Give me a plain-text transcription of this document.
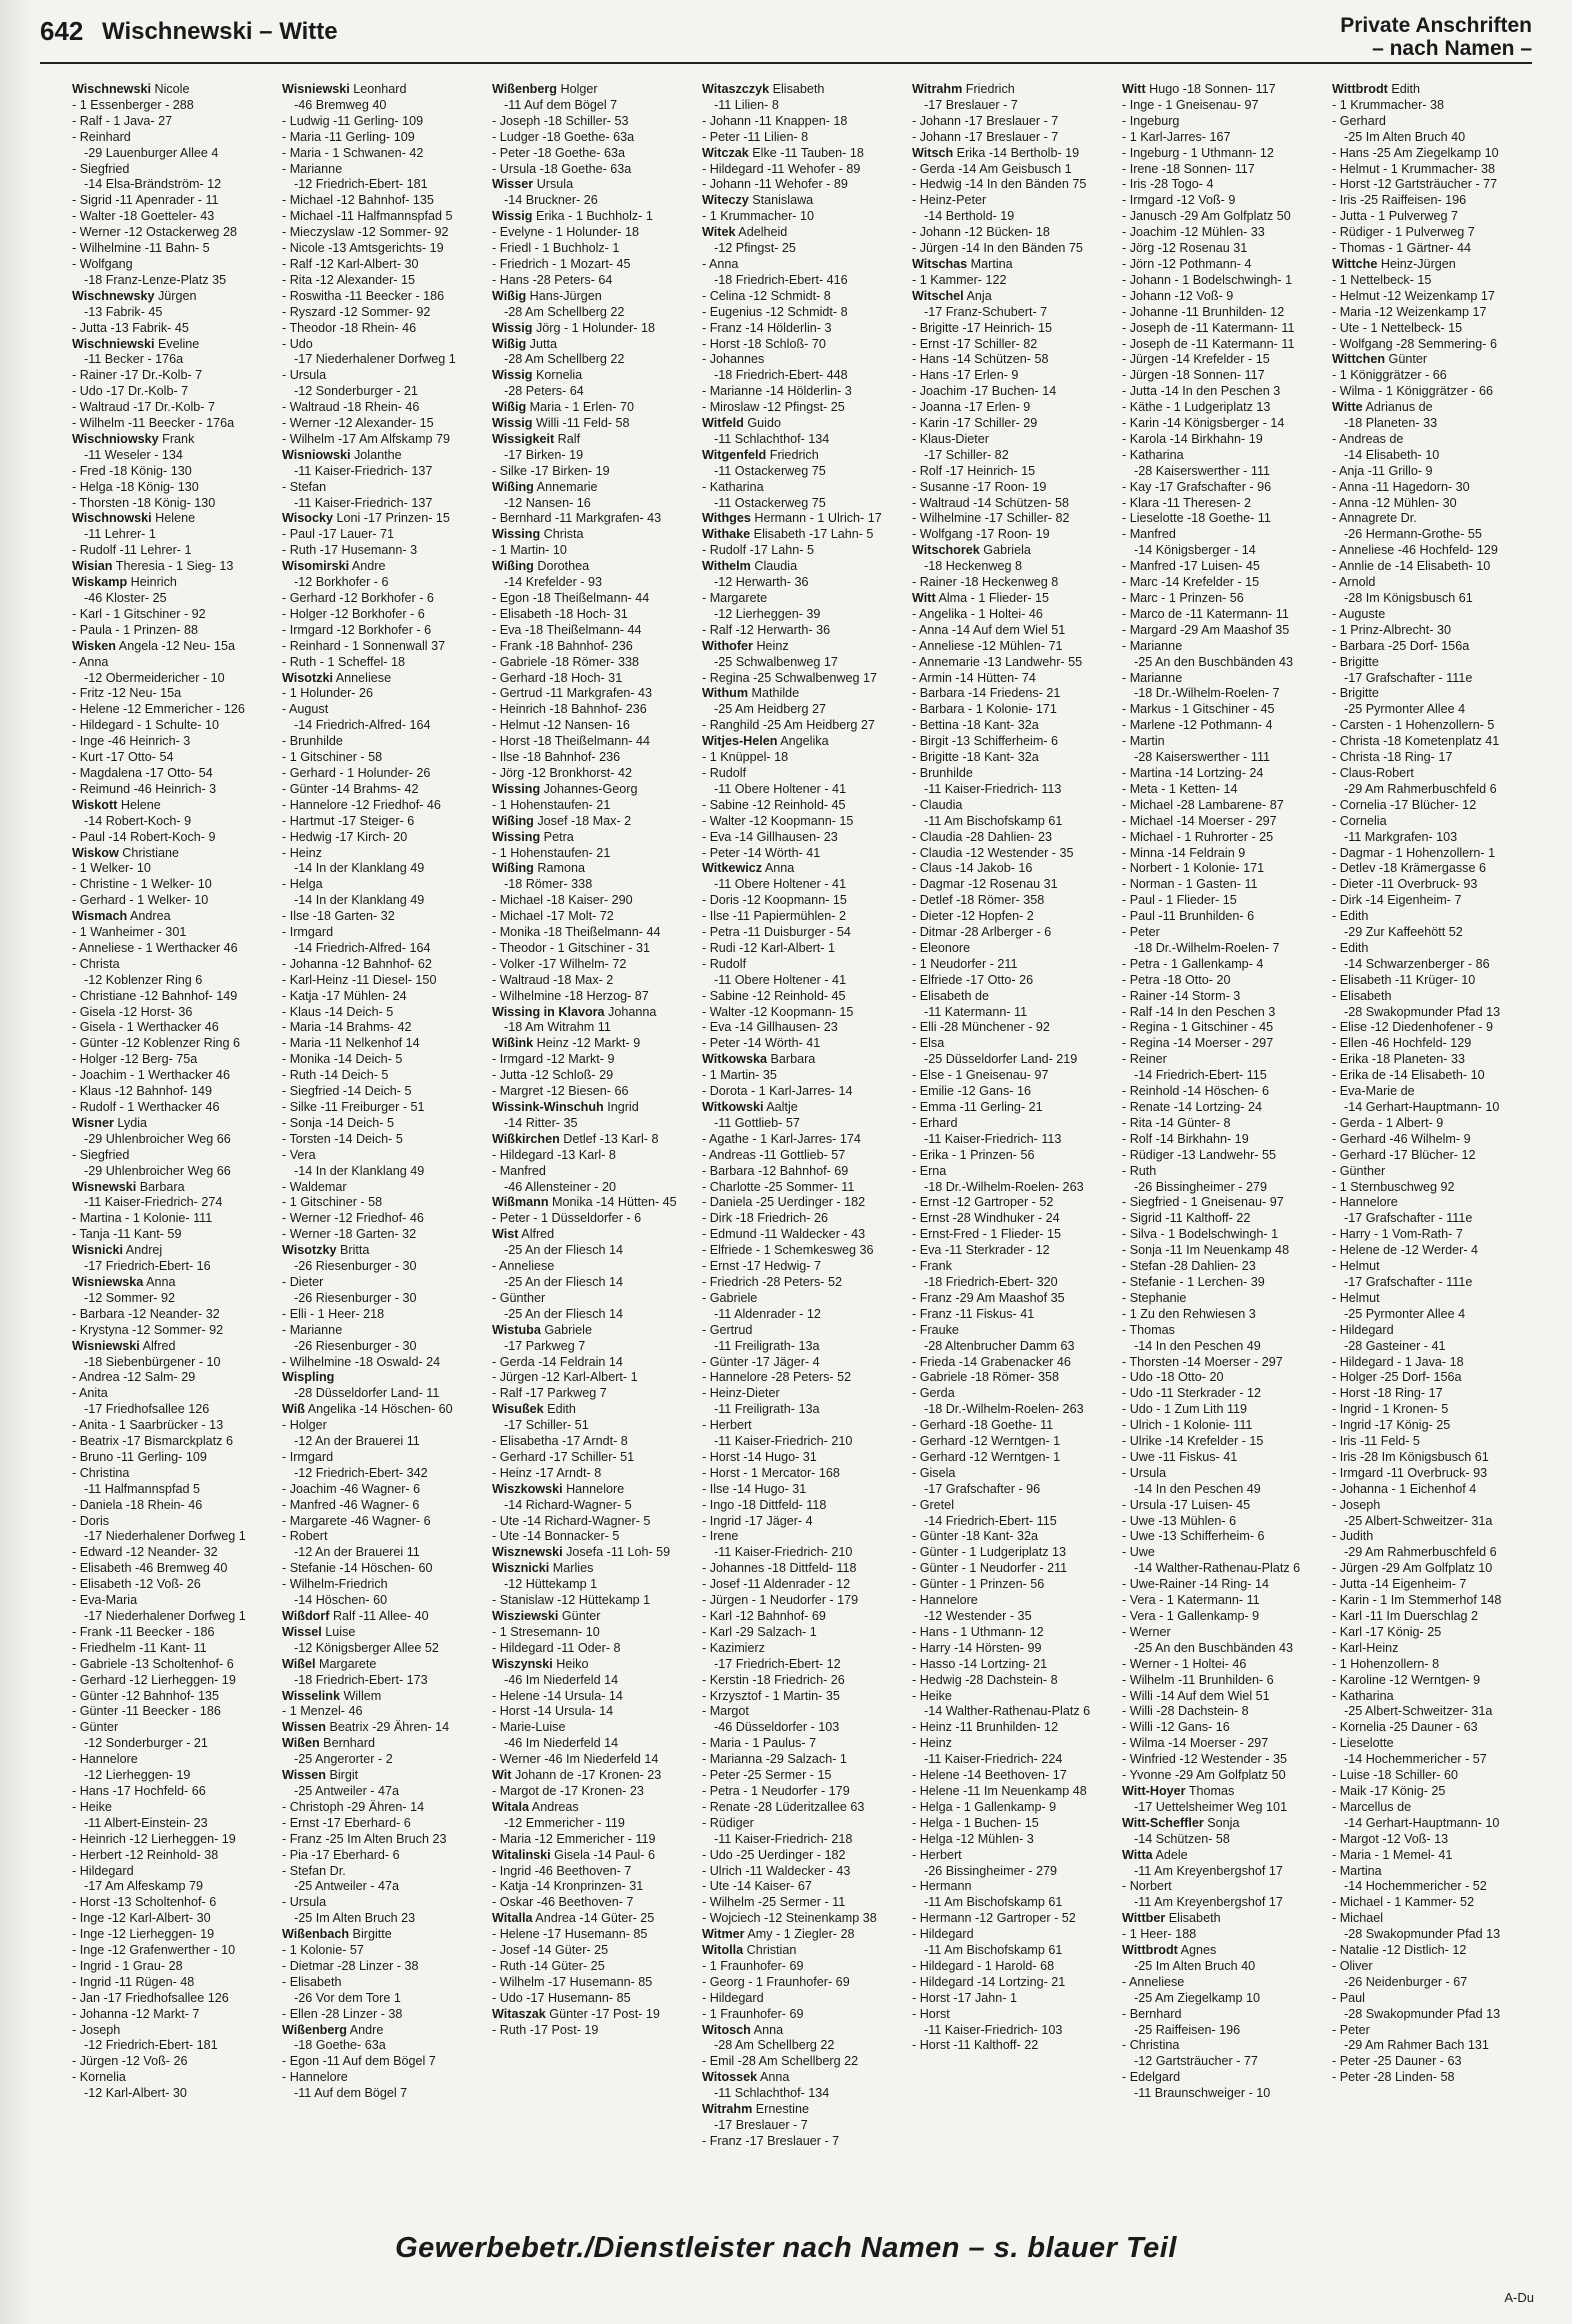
642 Wischnewski – Witte	Private Anschriften
– nach Namen –
Wischnewski Nicole
- 1 Essenberger - 288
- Ralf - 1 Java- 27
- Reinhard
-29 Lauenburger Allee 4
- Siegfried
-14 Elsa-Brändström- 12
- Sigrid -11 Apenrader - 11
- Walter -18 Goetteler- 43
- Werner -12 Ostackerweg 28
- Wilhelmine -11 Bahn- 5
- Wolfgang
-18 Franz-Lenze-Platz 35
Wischnewsky Jürgen
-13 Fabrik- 45
- Jutta -13 Fabrik- 45
Wischniewski Eveline
-11 Becker - 176a
- Rainer -17 Dr.-Kolb- 7
- Udo -17 Dr.-Kolb- 7
- Waltraud -17 Dr.-Kolb- 7
- Wilhelm -11 Beecker - 176a
Wischniowsky Frank
-11 Weseler - 134
- Fred -18 König- 130
- Helga -18 König- 130
- Thorsten -18 König- 130
Wischnowski Helene
-11 Lehrer- 1
- Rudolf -11 Lehrer- 1
Wisian Theresia - 1 Sieg- 13
Wiskamp Heinrich
-46 Kloster- 25
- Karl - 1 Gitschiner - 92
- Paula - 1 Prinzen- 88
Wisken Angela -12 Neu- 15a
- Anna
-12 Obermeidericher - 10
- Fritz -12 Neu- 15a
- Helene -12 Emmericher - 126
- Hildegard - 1 Schulte- 10
- Inge -46 Heinrich- 3
- Kurt -17 Otto- 54
- Magdalena -17 Otto- 54
- Reimund -46 Heinrich- 3
Wiskott Helene
-14 Robert-Koch- 9
- Paul -14 Robert-Koch- 9
Wiskow Christiane
- 1 Welker- 10
- Christine - 1 Welker- 10
- Gerhard - 1 Welker- 10
Wismach Andrea
- 1 Wanheimer - 301
- Anneliese - 1 Werthacker 46
- Christa
-12 Koblenzer Ring 6
- Christiane -12 Bahnhof- 149
- Gisela -12 Horst- 36
- Gisela - 1 Werthacker 46
- Günter -12 Koblenzer Ring 6
- Holger -12 Berg- 75a
- Joachim - 1 Werthacker 46
- Klaus -12 Bahnhof- 149
- Rudolf - 1 Werthacker 46
Wisner Lydia
-29 Uhlenbroicher Weg 66
- Siegfried
-29 Uhlenbroicher Weg 66
Wisnewski Barbara
-11 Kaiser-Friedrich- 274
- Martina - 1 Kolonie- 111
- Tanja -11 Kant- 59
Wisnicki Andrej
-17 Friedrich-Ebert- 16
Wisniewska Anna
-12 Sommer- 92
- Barbara -12 Neander- 32
- Krystyna -12 Sommer- 92
Wisniewski Alfred
-18 Siebenbürgener - 10
- Andrea -12 Salm- 29
- Anita
-17 Friedhofsallee 126
- Anita - 1 Saarbrücker - 13
- Beatrix -17 Bismarckplatz 6
- Bruno -11 Gerling- 109
- Christina
-11 Halfmannspfad 5
- Daniela -18 Rhein- 46
- Doris
-17 Niederhalener Dorfweg 1
- Edward -12 Neander- 32
- Elisabeth -46 Bremweg 40
- Elisabeth -12 Voß- 26
- Eva-Maria
-17 Niederhalener Dorfweg 1
- Frank -11 Beecker - 186
- Friedhelm -11 Kant- 11
- Gabriele -13 Scholtenhof- 6
- Gerhard -12 Lierheggen- 19
- Günter -12 Bahnhof- 135
- Günter -11 Beecker - 186
- Günter
-12 Sonderburger - 21
- Hannelore
-12 Lierheggen- 19
- Hans -17 Hochfeld- 66
- Heike
-11 Albert-Einstein- 23
- Heinrich -12 Lierheggen- 19
- Herbert -12 Reinhold- 38
- Hildegard
-17 Am Alfeskamp 79
- Horst -13 Scholtenhof- 6
- Inge -12 Karl-Albert- 30
- Inge -12 Lierheggen- 19
- Inge -12 Grafenwerther - 10
- Ingrid - 1 Grau- 28
- Ingrid -11 Rügen- 48
- Jan -17 Friedhofsallee 126
- Johanna -12 Markt- 7
- Joseph
-12 Friedrich-Ebert- 181
- Jürgen -12 Voß- 26
- Kornelia
-12 Karl-Albert- 30
Wisniewski Leonhard
-46 Bremweg 40
- Ludwig -11 Gerling- 109
- Maria -11 Gerling- 109
- Maria - 1 Schwanen- 42
- Marianne
-12 Friedrich-Ebert- 181
- Michael -12 Bahnhof- 135
- Michael -11 Halfmannspfad 5
- Mieczyslaw -12 Sommer- 92
- Nicole -13 Amtsgerichts- 19
- Ralf -12 Karl-Albert- 30
- Rita -12 Alexander- 15
- Roswitha -11 Beecker - 186
- Ryszard -12 Sommer- 92
- Theodor -18 Rhein- 46
- Udo
-17 Niederhalener Dorfweg 1
- Ursula
-12 Sonderburger - 21
- Waltraud -18 Rhein- 46
- Werner -12 Alexander- 15
- Wilhelm -17 Am Alfskamp 79
Wisniowski Jolanthe
-11 Kaiser-Friedrich- 137
- Stefan
-11 Kaiser-Friedrich- 137
Wisocky Loni -17 Prinzen- 15
- Paul -17 Lauer- 71
- Ruth -17 Husemann- 3
Wisomirski Andre
-12 Borkhofer - 6
- Gerhard -12 Borkhofer - 6
- Holger -12 Borkhofer - 6
- Irmgard -12 Borkhofer - 6
- Reinhard - 1 Sonnenwall 37
- Ruth - 1 Scheffel- 18
Wisotzki Anneliese
- 1 Holunder- 26
- August
-14 Friedrich-Alfred- 164
- Brunhilde
- 1 Gitschiner - 58
- Gerhard - 1 Holunder- 26
- Günter -14 Brahms- 42
- Hannelore -12 Friedhof- 46
- Hartmut -17 Steiger- 6
- Hedwig -17 Kirch- 20
- Heinz
-14 In der Klanklang 49
- Helga
-14 In der Klanklang 49
- Ilse -18 Garten- 32
- Irmgard
-14 Friedrich-Alfred- 164
- Johanna -12 Bahnhof- 62
- Karl-Heinz -11 Diesel- 150
- Katja -17 Mühlen- 24
- Klaus -14 Deich- 5
- Maria -14 Brahms- 42
- Maria -11 Nelkenhof 14
- Monika -14 Deich- 5
- Ruth -14 Deich- 5
- Siegfried -14 Deich- 5
- Silke -11 Freiburger - 51
- Sonja -14 Deich- 5
- Torsten -14 Deich- 5
- Vera
-14 In der Klanklang 49
- Waldemar
- 1 Gitschiner - 58
- Werner -12 Friedhof- 46
- Werner -18 Garten- 32
Wisotzky Britta
-26 Riesenburger - 30
- Dieter
-26 Riesenburger - 30
- Elli - 1 Heer- 218
- Marianne
-26 Riesenburger - 30
- Wilhelmine -18 Oswald- 24
Wispling
-28 Düsseldorfer Land- 11
Wiß Angelika -14 Höschen- 60
- Holger
-12 An der Brauerei 11
- Irmgard
-12 Friedrich-Ebert- 342
- Joachim -46 Wagner- 6
- Manfred -46 Wagner- 6
- Margarete -46 Wagner- 6
- Robert
-12 An der Brauerei 11
- Stefanie -14 Höschen- 60
- Wilhelm-Friedrich
-14 Höschen- 60
Wißdorf Ralf -11 Allee- 40
Wissel Luise
-12 Königsberger Allee 52
Wißel Margarete
-18 Friedrich-Ebert- 173
Wisselink Willem
- 1 Menzel- 46
Wissen Beatrix -29 Ähren- 14
Wißen Bernhard
-25 Angerorter - 2
Wissen Birgit
-25 Antweiler - 47a
- Christoph -29 Ähren- 14
- Ernst -17 Eberhard- 6
- Franz -25 Im Alten Bruch 23
- Pia -17 Eberhard- 6
- Stefan Dr.
-25 Antweiler - 47a
- Ursula
-25 Im Alten Bruch 23
Wißenbach Birgitte
- 1 Kolonie- 57
- Dietmar -28 Linzer - 38
- Elisabeth
-26 Vor dem Tore 1
- Ellen -28 Linzer - 38
Wißenberg Andre
-18 Goethe- 63a
- Egon -11 Auf dem Bögel 7
- Hannelore
-11 Auf dem Bögel 7
Wißenberg Holger
-11 Auf dem Bögel 7
- Joseph -18 Schiller- 53
- Ludger -18 Goethe- 63a
- Peter -18 Goethe- 63a
- Ursula -18 Goethe- 63a
Wisser Ursula
-14 Bruckner- 26
Wissig Erika - 1 Buchholz- 1
- Evelyne - 1 Holunder- 18
- Friedl - 1 Buchholz- 1
- Friedrich - 1 Mozart- 45
- Hans -28 Peters- 64
Wißig Hans-Jürgen
-28 Am Schellberg 22
Wissig Jörg - 1 Holunder- 18
Wißig Jutta
-28 Am Schellberg 22
Wissig Kornelia
-28 Peters- 64
Wißig Maria - 1 Erlen- 70
Wissig Willi -11 Feld- 58
Wissigkeit Ralf
-17 Birken- 19
- Silke -17 Birken- 19
Wißing Annemarie
-12 Nansen- 16
- Bernhard -11 Markgrafen- 43
Wissing Christa
- 1 Martin- 10
Wißing Dorothea
-14 Krefelder - 93
- Egon -18 Theißelmann- 44
- Elisabeth -18 Hoch- 31
- Eva -18 Theißelmann- 44
- Frank -18 Bahnhof- 236
- Gabriele -18 Römer- 338
- Gerhard -18 Hoch- 31
- Gertrud -11 Markgrafen- 43
- Heinrich -18 Bahnhof- 236
- Helmut -12 Nansen- 16
- Horst -18 Theißelmann- 44
- Ilse -18 Bahnhof- 236
- Jörg -12 Bronkhorst- 42
Wissing Johannes-Georg
- 1 Hohenstaufen- 21
Wißing Josef -18 Max- 2
Wissing Petra
- 1 Hohenstaufen- 21
Wißing Ramona
-18 Römer- 338
- Michael -18 Kaiser- 290
- Michael -17 Molt- 72
- Monika -18 Theißelmann- 44
- Theodor - 1 Gitschiner - 31
- Volker -17 Wilhelm- 72
- Waltraud -18 Max- 2
- Wilhelmine -18 Herzog- 87
Wissing in Klavora Johanna
-18 Am Witrahm 11
Wißink Heinz -12 Markt- 9
- Irmgard -12 Markt- 9
- Jutta -12 Schloß- 29
- Margret -12 Biesen- 66
Wissink-Winschuh Ingrid
-14 Ritter- 35
Wißkirchen Detlef -13 Karl- 8
- Hildegard -13 Karl- 8
- Manfred
-46 Allensteiner - 20
Wißmann Monika -14 Hütten- 45
- Peter - 1 Düsseldorfer - 6
Wist Alfred
-25 An der Fliesch 14
- Anneliese
-25 An der Fliesch 14
- Günther
-25 An der Fliesch 14
Wistuba Gabriele
-17 Parkweg 7
- Gerda -14 Feldrain 14
- Jürgen -12 Karl-Albert- 1
- Ralf -17 Parkweg 7
Wisußek Edith
-17 Schiller- 51
- Elisabetha -17 Arndt- 8
- Gerhard -17 Schiller- 51
- Heinz -17 Arndt- 8
Wiszkowski Hannelore
-14 Richard-Wagner- 5
- Ute -14 Richard-Wagner- 5
- Ute -14 Bonnacker- 5
Wisznewski Josefa -11 Loh- 59
Wisznicki Marlies
-12 Hüttekamp 1
- Stanislaw -12 Hüttekamp 1
Wisziewski Günter
- 1 Stresemann- 10
- Hildegard -11 Oder- 8
Wiszynski Heiko
-46 Im Niederfeld 14
- Helene -14 Ursula- 14
- Horst -14 Ursula- 14
- Marie-Luise
-46 Im Niederfeld 14
- Werner -46 Im Niederfeld 14
Wit Johann de -17 Kronen- 23
- Margot de -17 Kronen- 23
Witala Andreas
-12 Emmericher - 119
- Maria -12 Emmericher - 119
Witalinski Gisela -14 Paul- 6
- Ingrid -46 Beethoven- 7
- Katja -14 Kronprinzen- 31
- Oskar -46 Beethoven- 7
Witalla Andrea -14 Güter- 25
- Helene -17 Husemann- 85
- Josef -14 Güter- 25
- Ruth -14 Güter- 25
- Wilhelm -17 Husemann- 85
- Udo -17 Husemann- 85
Witaszak Günter -17 Post- 19
- Ruth -17 Post- 19
Witaszczyk Elisabeth
-11 Lilien- 8
- Johann -11 Knappen- 18
- Peter -11 Lilien- 8
Witczak Elke -11 Tauben- 18
- Hildegard -11 Wehofer - 89
- Johann -11 Wehofer - 89
Witeczy Stanislawa
- 1 Krummacher- 10
Witek Adelheid
-12 Pfingst- 25
- Anna
-18 Friedrich-Ebert- 416
- Celina -12 Schmidt- 8
- Eugenius -12 Schmidt- 8
- Franz -14 Hölderlin- 3
- Horst -18 Schloß- 70
- Johannes
-18 Friedrich-Ebert- 448
- Marianne -14 Hölderlin- 3
- Miroslaw -12 Pfingst- 25
Witfeld Guido
-11 Schlachthof- 134
Witgenfeld Friedrich
-11 Ostackerweg 75
- Katharina
-11 Ostackerweg 75
Withges Hermann - 1 Ulrich- 17
Withake Elisabeth -17 Lahn- 5
- Rudolf -17 Lahn- 5
Withelm Claudia
-12 Herwarth- 36
- Margarete
-12 Lierheggen- 39
- Ralf -12 Herwarth- 36
Withofer Heinz
-25 Schwalbenweg 17
- Regina -25 Schwalbenweg 17
Withum Mathilde
-25 Am Heidberg 27
- Ranghild -25 Am Heidberg 27
Witjes-Helen Angelika
- 1 Knüppel- 18
- Rudolf
-11 Obere Holtener - 41
- Sabine -12 Reinhold- 45
- Walter -12 Koopmann- 15
- Eva -14 Gillhausen- 23
- Peter -14 Wörth- 41
Witkewicz Anna
-11 Obere Holtener - 41
- Doris -12 Koopmann- 15
- Ilse -11 Papiermühlen- 2
- Petra -11 Duisburger - 54
- Rudi -12 Karl-Albert- 1
- Rudolf
-11 Obere Holtener - 41
- Sabine -12 Reinhold- 45
- Walter -12 Koopmann- 15
- Eva -14 Gillhausen- 23
- Peter -14 Wörth- 41
Witkowska Barbara
- 1 Martin- 35
- Dorota - 1 Karl-Jarres- 14
Witkowski Aaltje
-11 Gottlieb- 57
- Agathe - 1 Karl-Jarres- 174
- Andreas -11 Gottlieb- 57
- Barbara -12 Bahnhof- 69
- Charlotte -25 Sommer- 11
- Daniela -25 Uerdinger - 182
- Dirk -18 Friedrich- 26
- Edmund -11 Waldecker - 43
- Elfriede - 1 Schemkesweg 36
- Ernst -17 Hedwig- 7
- Friedrich -28 Peters- 52
- Gabriele
-11 Aldenrader - 12
- Gertrud
-11 Freiligrath- 13a
- Günter -17 Jäger- 4
- Hannelore -28 Peters- 52
- Heinz-Dieter
-11 Freiligrath- 13a
- Herbert
-11 Kaiser-Friedrich- 210
- Horst -14 Hugo- 31
- Horst - 1 Mercator- 168
- Ilse -14 Hugo- 31
- Ingo -18 Dittfeld- 118
- Ingrid -17 Jäger- 4
- Irene
-11 Kaiser-Friedrich- 210
- Johannes -18 Dittfeld- 118
- Josef -11 Aldenrader - 12
- Jürgen - 1 Neudorfer - 179
- Karl -12 Bahnhof- 69
- Karl -29 Salzach- 1
- Kazimierz
-17 Friedrich-Ebert- 12
- Kerstin -18 Friedrich- 26
- Krzysztof - 1 Martin- 35
- Margot
-46 Düsseldorfer - 103
- Maria - 1 Paulus- 7
- Marianna -29 Salzach- 1
- Peter -25 Sermer - 15
- Petra - 1 Neudorfer - 179
- Renate -28 Lüderitzallee 63
- Rüdiger
-11 Kaiser-Friedrich- 218
- Udo -25 Uerdinger - 182
- Ulrich -11 Waldecker - 43
- Ute -14 Kaiser- 67
- Wilhelm -25 Sermer - 11
- Wojciech -12 Steinenkamp 38
Witmer Amy - 1 Ziegler- 28
Witolla Christian
- 1 Fraunhofer- 69
- Georg - 1 Fraunhofer- 69
- Hildegard
- 1 Fraunhofer- 69
Witosch Anna
-28 Am Schellberg 22
- Emil -28 Am Schellberg 22
Witossek Anna
-11 Schlachthof- 134
Witrahm Ernestine
-17 Breslauer - 7
- Franz -17 Breslauer - 7
Witrahm Friedrich
-17 Breslauer - 7
- Johann -17 Breslauer - 7
- Johann -17 Breslauer - 7
Witsch Erika -14 Bertholb- 19
- Gerda -14 Am Geisbusch 1
- Hedwig -14 In den Bänden 75
- Heinz-Peter
-14 Berthold- 19
- Johann -12 Bücken- 18
- Jürgen -14 In den Bänden 75
Witschas Martina
- 1 Kammer- 122
Witschel Anja
-17 Franz-Schubert- 7
- Brigitte -17 Heinrich- 15
- Ernst -17 Schiller- 82
- Hans -14 Schützen- 58
- Hans -17 Erlen- 9
- Joachim -17 Buchen- 14
- Joanna -17 Erlen- 9
- Karin -17 Schiller- 29
- Klaus-Dieter
-17 Schiller- 82
- Rolf -17 Heinrich- 15
- Susanne -17 Roon- 19
- Waltraud -14 Schützen- 58
- Wilhelmine -17 Schiller- 82
- Wolfgang -17 Roon- 19
Witschorek Gabriela
-18 Heckenweg 8
- Rainer -18 Heckenweg 8
Witt Alma - 1 Flieder- 15
- Angelika - 1 Holtei- 46
- Anna -14 Auf dem Wiel 51
- Anneliese -12 Mühlen- 71
- Annemarie -13 Landwehr- 55
- Armin -14 Hütten- 74
- Barbara -14 Friedens- 21
- Barbara - 1 Kolonie- 171
- Bettina -18 Kant- 32a
- Birgit -13 Schifferheim- 6
- Brigitte -18 Kant- 32a
- Brunhilde
-11 Kaiser-Friedrich- 113
- Claudia
-11 Am Bischofskamp 61
- Claudia -28 Dahlien- 23
- Claudia -12 Westender - 35
- Claus -14 Jakob- 16
- Dagmar -12 Rosenau 31
- Detlef -18 Römer- 358
- Dieter -12 Hopfen- 2
- Ditmar -28 Arlberger - 6
- Eleonore
- 1 Neudorfer - 211
- Elfriede -17 Otto- 26
- Elisabeth de
-11 Katermann- 11
- Elli -28 Münchener - 92
- Elsa
-25 Düsseldorfer Land- 219
- Else - 1 Gneisenau- 97
- Emilie -12 Gans- 16
- Emma -11 Gerling- 21
- Erhard
-11 Kaiser-Friedrich- 113
- Erika - 1 Prinzen- 56
- Erna
-18 Dr.-Wilhelm-Roelen- 263
- Ernst -12 Gartroper - 52
- Ernst -28 Windhuker - 24
- Ernst-Fred - 1 Flieder- 15
- Eva -11 Sterkrader - 12
- Frank
-18 Friedrich-Ebert- 320
- Franz -29 Am Maashof 35
- Franz -11 Fiskus- 41
- Frauke
-28 Altenbrucher Damm 63
- Frieda -14 Grabenacker 46
- Gabriele -18 Römer- 358
- Gerda
-18 Dr.-Wilhelm-Roelen- 263
- Gerhard -18 Goethe- 11
- Gerhard -12 Werntgen- 1
- Gerhard -12 Werntgen- 1
- Gisela
-17 Grafschafter - 96
- Gretel
-14 Friedrich-Ebert- 115
- Günter -18 Kant- 32a
- Günter - 1 Ludgeriplatz 13
- Günter - 1 Neudorfer - 211
- Günter - 1 Prinzen- 56
- Hannelore
-12 Westender - 35
- Hans - 1 Uthmann- 12
- Harry -14 Hörsten- 99
- Hasso -14 Lortzing- 21
- Hedwig -28 Dachstein- 8
- Heike
-14 Walther-Rathenau-Platz 6
- Heinz -11 Brunhilden- 12
- Heinz
-11 Kaiser-Friedrich- 224
- Helene -14 Beethoven- 17
- Helene -11 Im Neuenkamp 48
- Helga - 1 Gallenkamp- 9
- Helga - 1 Buchen- 15
- Helga -12 Mühlen- 3
- Herbert
-26 Bissingheimer - 279
- Hermann
-11 Am Bischofskamp 61
- Hermann -12 Gartroper - 52
- Hildegard
-11 Am Bischofskamp 61
- Hildegard - 1 Harold- 68
- Hildegard -14 Lortzing- 21
- Horst -17 Jahn- 1
- Horst
-11 Kaiser-Friedrich- 103
- Horst -11 Kalthoff- 22
Witt Hugo -18 Sonnen- 117
- Inge - 1 Gneisenau- 97
- Ingeburg
- 1 Karl-Jarres- 167
- Ingeburg - 1 Uthmann- 12
- Irene -18 Sonnen- 117
- Iris -28 Togo- 4
- Irmgard -12 Voß- 9
- Janusch -29 Am Golfplatz 50
- Joachim -12 Mühlen- 33
- Jörg -12 Rosenau 31
- Jörn -12 Pothmann- 4
- Johann - 1 Bodelschwingh- 1
- Johann -12 Voß- 9
- Johanne -11 Brunhilden- 12
- Joseph de -11 Katermann- 11
- Joseph de -11 Katermann- 11
- Jürgen -14 Krefelder - 15
- Jürgen -18 Sonnen- 117
- Jutta -14 In den Peschen 3
- Käthe - 1 Ludgeriplatz 13
- Karin -14 Königsberger - 14
- Karola -14 Birkhahn- 19
- Katharina
-28 Kaiserswerther - 111
- Kay -17 Grafschafter - 96
- Klara -11 Theresen- 2
- Lieselotte -18 Goethe- 11
- Manfred
-14 Königsberger - 14
- Manfred -17 Luisen- 45
- Marc -14 Krefelder - 15
- Marc - 1 Prinzen- 56
- Marco de -11 Katermann- 11
- Margard -29 Am Maashof 35
- Marianne
-25 An den Buschbänden 43
- Marianne
-18 Dr.-Wilhelm-Roelen- 7
- Markus - 1 Gitschiner - 45
- Marlene -12 Pothmann- 4
- Martin
-28 Kaiserswerther - 111
- Martina -14 Lortzing- 24
- Meta - 1 Ketten- 14
- Michael -28 Lambarene- 87
- Michael -14 Moerser - 297
- Michael - 1 Ruhrorter - 25
- Minna -14 Feldrain 9
- Norbert - 1 Kolonie- 171
- Norman - 1 Gasten- 11
- Paul - 1 Flieder- 15
- Paul -11 Brunhilden- 6
- Peter
-18 Dr.-Wilhelm-Roelen- 7
- Petra - 1 Gallenkamp- 4
- Petra -18 Otto- 20
- Rainer -14 Storm- 3
- Ralf -14 In den Peschen 3
- Regina - 1 Gitschiner - 45
- Regina -14 Moerser - 297
- Reiner
-14 Friedrich-Ebert- 115
- Reinhold -14 Höschen- 6
- Renate -14 Lortzing- 24
- Rita -14 Günter- 8
- Rolf -14 Birkhahn- 19
- Rüdiger -13 Landwehr- 55
- Ruth
-26 Bissingheimer - 279
- Siegfried - 1 Gneisenau- 97
- Sigrid -11 Kalthoff- 22
- Silva - 1 Bodelschwingh- 1
- Sonja -11 Im Neuenkamp 48
- Stefan -28 Dahlien- 23
- Stefanie - 1 Lerchen- 39
- Stephanie
- 1 Zu den Rehwiesen 3
- Thomas
-14 In den Peschen 49
- Thorsten -14 Moerser - 297
- Udo -18 Otto- 20
- Udo -11 Sterkrader - 12
- Udo - 1 Zum Lith 119
- Ulrich - 1 Kolonie- 111
- Ulrike -14 Krefelder - 15
- Uwe -11 Fiskus- 41
- Ursula
-14 In den Peschen 49
- Ursula -17 Luisen- 45
- Uwe -13 Mühlen- 6
- Uwe -13 Schifferheim- 6
- Uwe
-14 Walther-Rathenau-Platz 6
- Uwe-Rainer -14 Ring- 14
- Vera - 1 Katermann- 11
- Vera - 1 Gallenkamp- 9
- Werner
-25 An den Buschbänden 43
- Werner - 1 Holtei- 46
- Wilhelm -11 Brunhilden- 6
- Willi -14 Auf dem Wiel 51
- Willi -28 Dachstein- 8
- Willi -12 Gans- 16
- Wilma -14 Moerser - 297
- Winfried -12 Westender - 35
- Yvonne -29 Am Golfplatz 50
Witt-Hoyer Thomas
-17 Uettelsheimer Weg 101
Witt-Scheffler Sonja
-14 Schützen- 58
Witta Adele
-11 Am Kreyenbergshof 17
- Norbert
-11 Am Kreyenbergshof 17
Wittber Elisabeth
- 1 Heer- 188
Wittbrodt Agnes
-25 Im Alten Bruch 40
- Anneliese
-25 Am Ziegelkamp 10
- Bernhard
-25 Raiffeisen- 196
- Christina
-12 Gartsträucher - 77
- Edelgard
-11 Braunschweiger - 10
Wittbrodt Edith
- 1 Krummacher- 38
- Gerhard
-25 Im Alten Bruch 40
- Hans -25 Am Ziegelkamp 10
- Helmut - 1 Krummacher- 38
- Horst -12 Gartsträucher - 77
- Iris -25 Raiffeisen- 196
- Jutta - 1 Pulverweg 7
- Rüdiger - 1 Pulverweg 7
- Thomas - 1 Gärtner- 44
Wittche Heinz-Jürgen
- 1 Nettelbeck- 15
- Helmut -12 Weizenkamp 17
- Maria -12 Weizenkamp 17
- Ute - 1 Nettelbeck- 15
- Wolfgang -28 Semmering- 6
Wittchen Günter
- 1 Königgrätzer - 66
- Wilma - 1 Königgrätzer - 66
Witte Adrianus de
-18 Planeten- 33
- Andreas de
-14 Elisabeth- 10
- Anja -11 Grillo- 9
- Anna -11 Hagedorn- 30
- Anna -12 Mühlen- 30
- Annagrete Dr.
-26 Hermann-Grothe- 55
- Anneliese -46 Hochfeld- 129
- Annlie de -14 Elisabeth- 10
- Arnold
-28 Im Königsbusch 61
- Auguste
- 1 Prinz-Albrecht- 30
- Barbara -25 Dorf- 156a
- Brigitte
-17 Grafschafter - 111e
- Brigitte
-25 Pyrmonter Allee 4
- Carsten - 1 Hohenzollern- 5
- Christa -18 Kometenplatz 41
- Christa -18 Ring- 17
- Claus-Robert
-29 Am Rahmerbuschfeld 6
- Cornelia -17 Blücher- 12
- Cornelia
-11 Markgrafen- 103
- Dagmar - 1 Hohenzollern- 1
- Detlev -18 Krämergasse 6
- Dieter -11 Overbruck- 93
- Dirk -14 Eigenheim- 7
- Edith
-29 Zur Kaffeehött 52
- Edith
-14 Schwarzenberger - 86
- Elisabeth -11 Krüger- 10
- Elisabeth
-28 Swakopmunder Pfad 13
- Elise -12 Diedenhofener - 9
- Ellen -46 Hochfeld- 129
- Erika -18 Planeten- 33
- Erika de -14 Elisabeth- 10
- Eva-Marie de
-14 Gerhart-Hauptmann- 10
- Gerda - 1 Albert- 9
- Gerhard -46 Wilhelm- 9
- Gerhard -17 Blücher- 12
- Günther
- 1 Sternbuschweg 92
- Hannelore
-17 Grafschafter - 111e
- Harry - 1 Vom-Rath- 7
- Helene de -12 Werder- 4
- Helmut
-17 Grafschafter - 111e
- Helmut
-25 Pyrmonter Allee 4
- Hildegard
-28 Gasteiner - 41
- Hildegard - 1 Java- 18
- Holger -25 Dorf- 156a
- Horst -18 Ring- 17
- Ingrid - 1 Kronen- 5
- Ingrid -17 König- 25
- Iris -11 Feld- 5
- Iris -28 Im Königsbusch 61
- Irmgard -11 Overbruck- 93
- Johanna - 1 Eichenhof 4
- Joseph
-25 Albert-Schweitzer- 31a
- Judith
-29 Am Rahmerbuschfeld 6
- Jürgen -29 Am Golfplatz 10
- Jutta -14 Eigenheim- 7
- Karin - 1 Im Stemmerhof 148
- Karl -11 Im Duerschlag 2
- Karl -17 König- 25
- Karl-Heinz
- 1 Hohenzollern- 8
- Karoline -12 Werntgen- 9
- Katharina
-25 Albert-Schweitzer- 31a
- Kornelia -25 Dauner - 63
- Lieselotte
-14 Hochemmericher - 57
- Luise -18 Schiller- 60
- Maik -17 König- 25
- Marcellus de
-14 Gerhart-Hauptmann- 10
- Margot -12 Voß- 13
- Maria - 1 Memel- 41
- Martina
-14 Hochemmericher - 52
- Michael - 1 Kammer- 52
- Michael
-28 Swakopmunder Pfad 13
- Natalie -12 Distlich- 12
- Oliver
-26 Neidenburger - 67
- Paul
-28 Swakopmunder Pfad 13
- Peter
-29 Am Rahmer Bach 131
- Peter -25 Dauner - 63
- Peter -28 Linden- 58
Gewerbebetr./Dienstleister nach Namen – s. blauer Teil
A-Du
